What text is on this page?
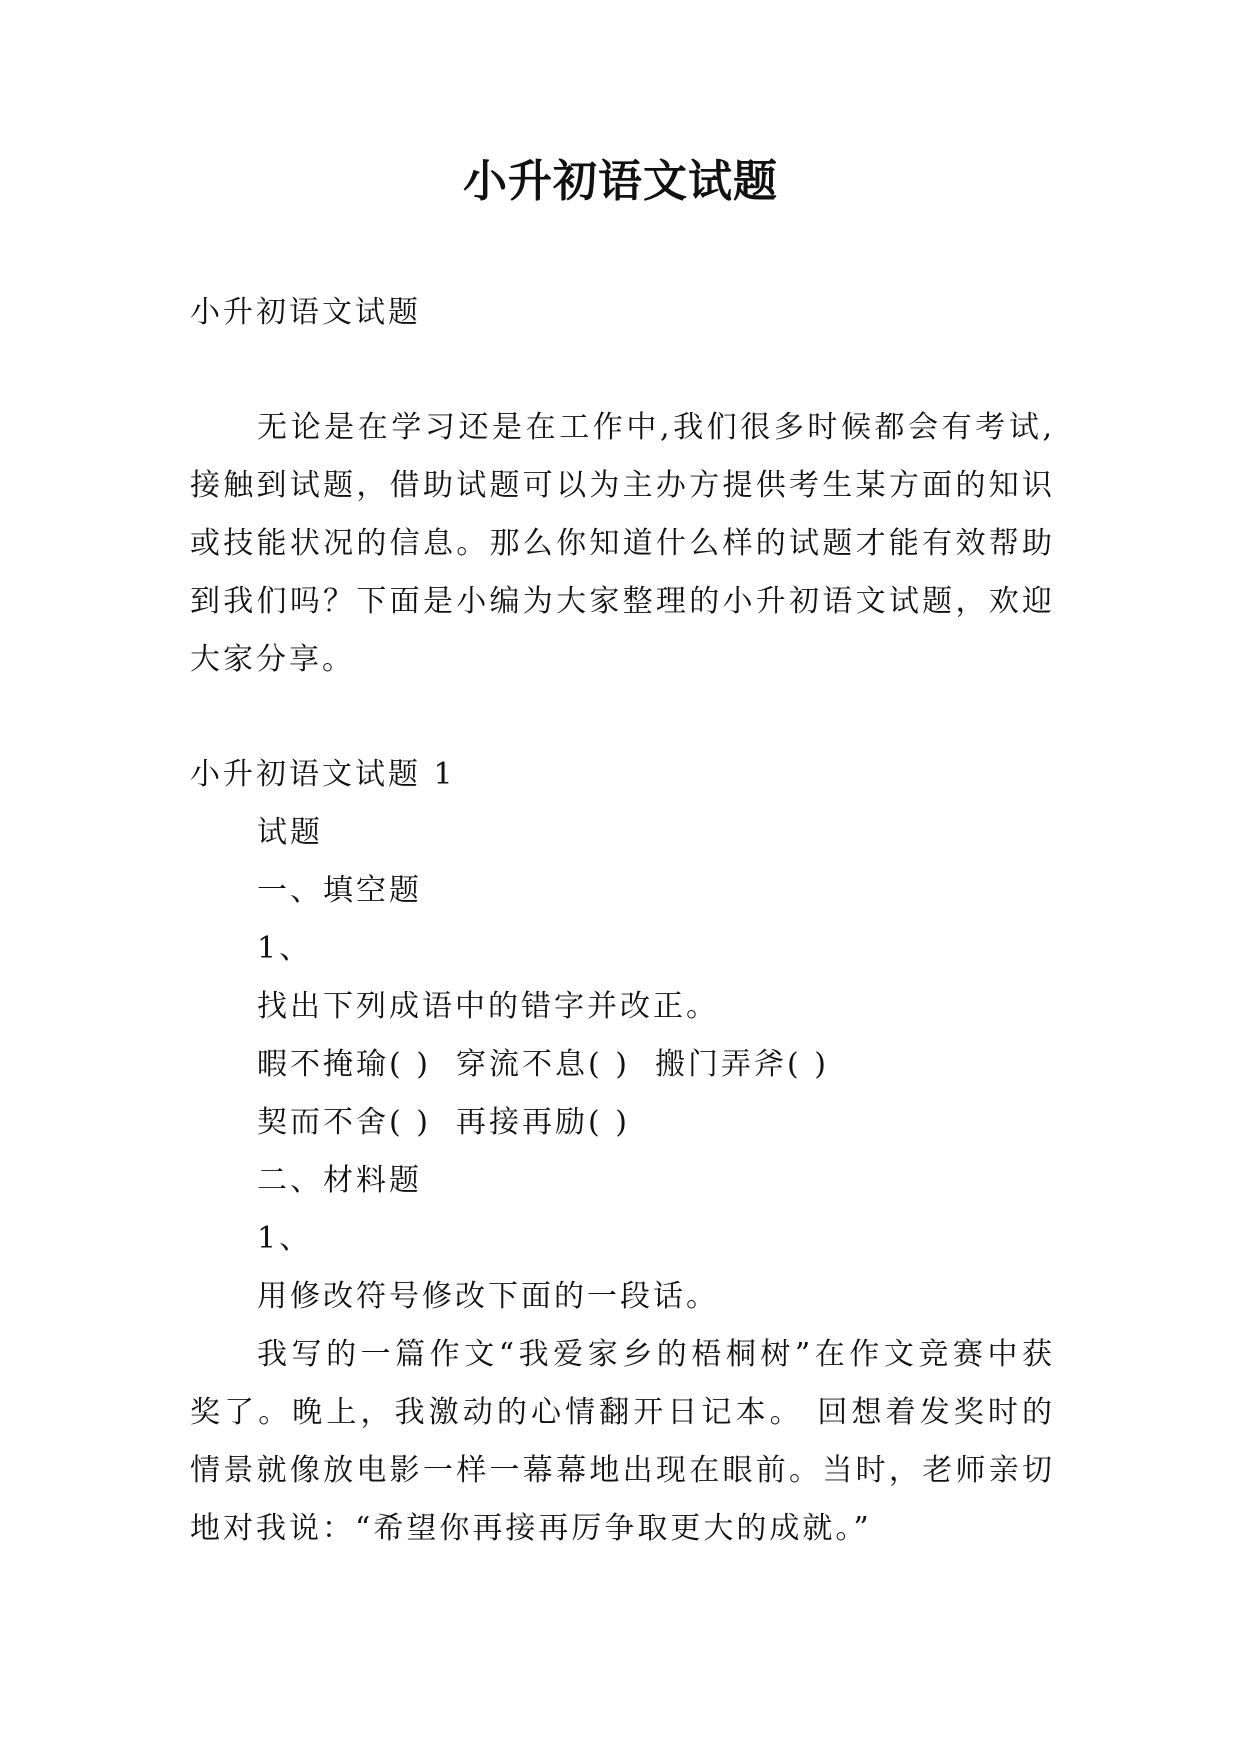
小升初语文试题
小升初语文试题
无论是在学习还是在工作中,我们很多时候都会有考试,
接触到试题，借助试题可以为主办方提供考生某方面的知识
或技能状况的信息。那么你知道什么样的试题才能有效帮助
到我们吗？下面是小编为大家整理的小升初语文试题，欢迎
大家分享。
小升初语文试题 1
试题
一、填空题
1、
找出下列成语中的错字并改正。
暇不掩瑜( )  穿流不息( )  搬门弄斧( )
契而不舍( )  再接再励( )
二、材料题
1、
用修改符号修改下面的一段话。
我写的一篇作文“我爱家乡的梧桐树”在作文竞赛中获
奖了。晚上，我激动的心情翻开日记本。 回想着发奖时的
情景就像放电影一样一幕幕地出现在眼前。当时，老师亲切
地对我说：“希望你再接再厉争取更大的成就。”
